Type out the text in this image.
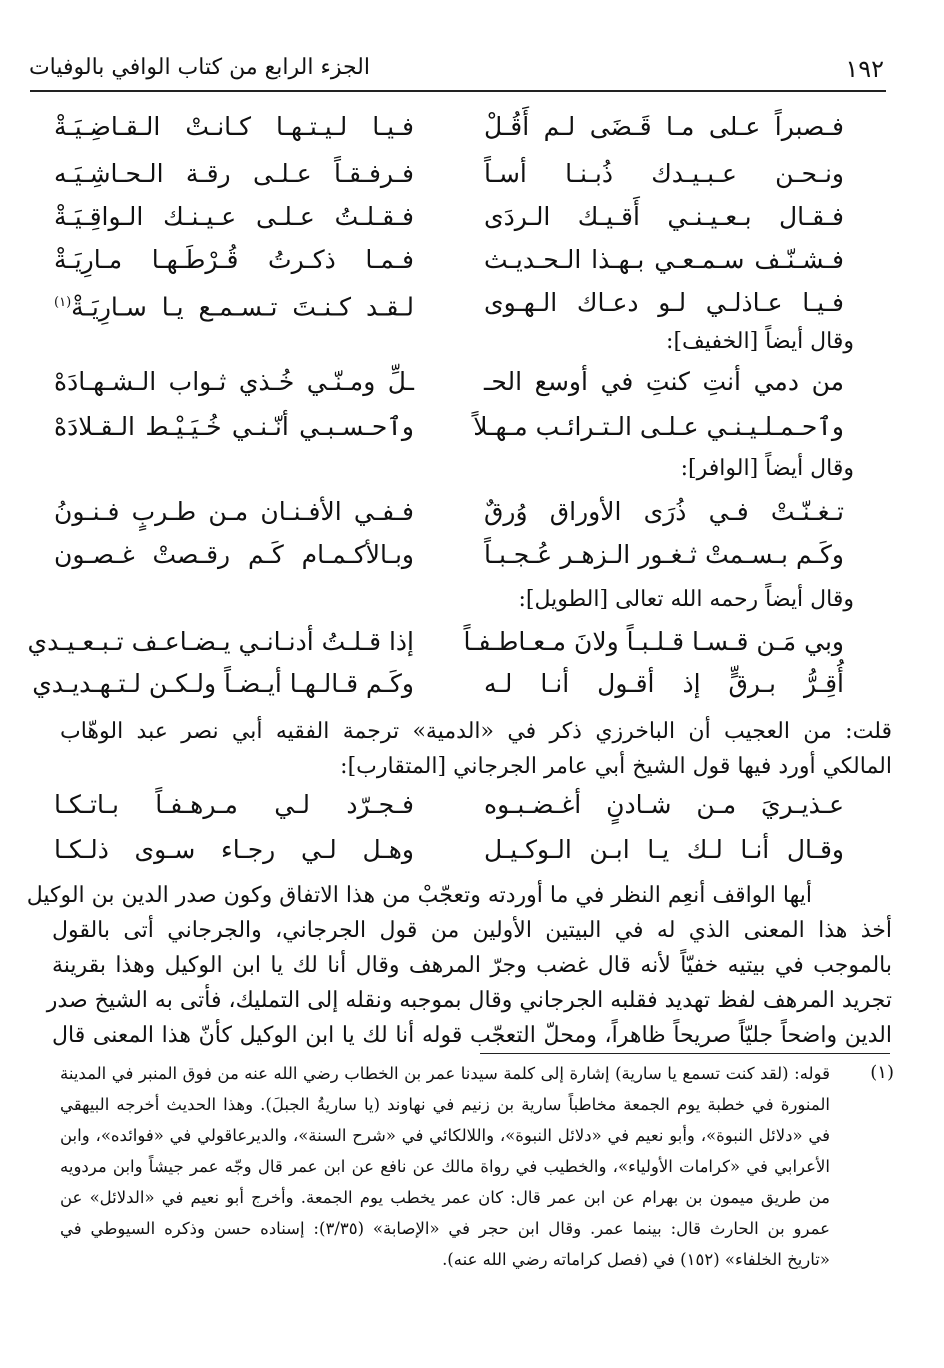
الجزء الرابع من كتاب الوافي بالوفيات	١٩٢
فـصبراً عـلى مـا قَـضَى لـم أَقُـلْ
فـيـا لـيـتـهـا كـانـتْ الـقـاضِـيَـةْ
ونـحـن عـبـيـدك ذُبـنـا أسـاً
فـرفـقـاً عـلـى رقـة الـحـاشِـيَـه
فـقـال بـعـيـنـي أَقـيـك الـردَى
فـقـلـتُ عـلـى عـيـنـك الـواقِـيَـةْ
فـشـنّـف سـمـعـي بـهـذا الـحـديـث
فـمـا ذكـرتُ قُـرْطَـهـا مـارِيَـةْ
فـيـا عـاذلـي لـو دعـاك الـهـوى
لـقـد كـنـتَ تـسـمـع يـا سـارِيَـةْ$^{(١)}$
وقال أيضاً [الخفيف]:
من دمي أنتِ كنتِ في أوسع الحـ
ـلِّ ومـنّـي خُـذي ثـواب الـشـهـادَهْ
وٱحـمـلـيـنـي عـلـى الـتـرائـب مـهـلاً
وٱحـسـبـي أنّـنـي خُـيَـيْـط الـقـلادَهْ
وقال أيضاً [الوافر]:
تـغـنّـتْ فـي ذُرَى الأوراق وُرقٌ
فـفـي الأفـنـان مـن طـربٍ فـنـونُ
وكَـم بـسـمتْ ثـغـور الـزهـر عُـجـبـاً
وبـالأكـمـام كَـم رقـصتْ غـصـون
وقال أيضاً رحمه الله تعالى [الطويل]:
وبي مَـن قـسـا قـلـبـاً ولانَ مـعـاطـفـاً
إذا قـلـتُ أدنـانـي يـضـاعـف تـبـعـيـدي
أُقِـرُّ بـرقٍّ إذ أقـول أنـا لـه
وكَـم قـالـهـا أيـضـاً ولـكـن لـتـهـديـدي
قلت: من العجيب أن الباخرزي ذكر في «الدمية» ترجمة الفقيه أبي نصر عبد الوهّاب
المالكي أورد فيها قول الشيخ أبي عامر الجرجاني [المتقارب]:
عـذيـريَ مـن شـادنٍ أغـضـبـوه
فـجـرّد لـي مـرهـفـاً بـاتـكـا
وقـال أنـا لـك يـا ابـن الـوكـيـل
وهـل لـي رجـاء سـوى ذلـكـا
أيها الواقف أنعِم النظر في ما أوردته وتعجّبْ من هذا الاتفاق وكون صدر الدين بن الوكيل
أخذ هذا المعنى الذي له في البيتين الأولين من قول الجرجاني، والجرجاني أتى بالقول
بالموجب في بيتيه خفيّاً لأنه قال غضب وجرّ المرهف وقال أنا لك يا ابن الوكيل وهذا بقرينة
تجريد المرهف لفظ تهديد فقلبه الجرجاني وقال بموجبه ونقله إلى التمليك، فأتى به الشيخ صدر
الدين واضحاً جليّاً صريحاً ظاهراً، ومحلّ التعجّب قوله أنا لك يا ابن الوكيل كأنّ هذا المعنى قال
(١)
قوله: (لقد كنت تسمع يا سارية) إشارة إلى كلمة سيدنا عمر بن الخطاب رضي الله عنه من فوق المنبر في المدينة
المنورة في خطبة يوم الجمعة مخاطباً سارية بن زنيم في نهاوند (يا ساريةُ الجبلَ). وهذا الحديث أخرجه البيهقي
في «دلائل النبوة»، وأبو نعيم في «دلائل النبوة»، واللالكائي في «شرح السنة»، والديرعاقولي في «فوائده»، وابن
الأعرابي في «كرامات الأولياء»، والخطيب في رواة مالك عن نافع عن ابن عمر قال وجّه عمر جيشاً وابن مردويه
من طريق ميمون بن بهرام عن ابن عمر قال: كان عمر يخطب يوم الجمعة. وأخرج أبو نعيم في «الدلائل» عن
عمرو بن الحارث قال: بينما عمر. وقال ابن حجر في «الإصابة» (٣/٣٥): إسناده حسن وذكره السيوطي في
«تاريخ الخلفاء» (١٥٢) في (فصل كراماته رضي الله عنه).
